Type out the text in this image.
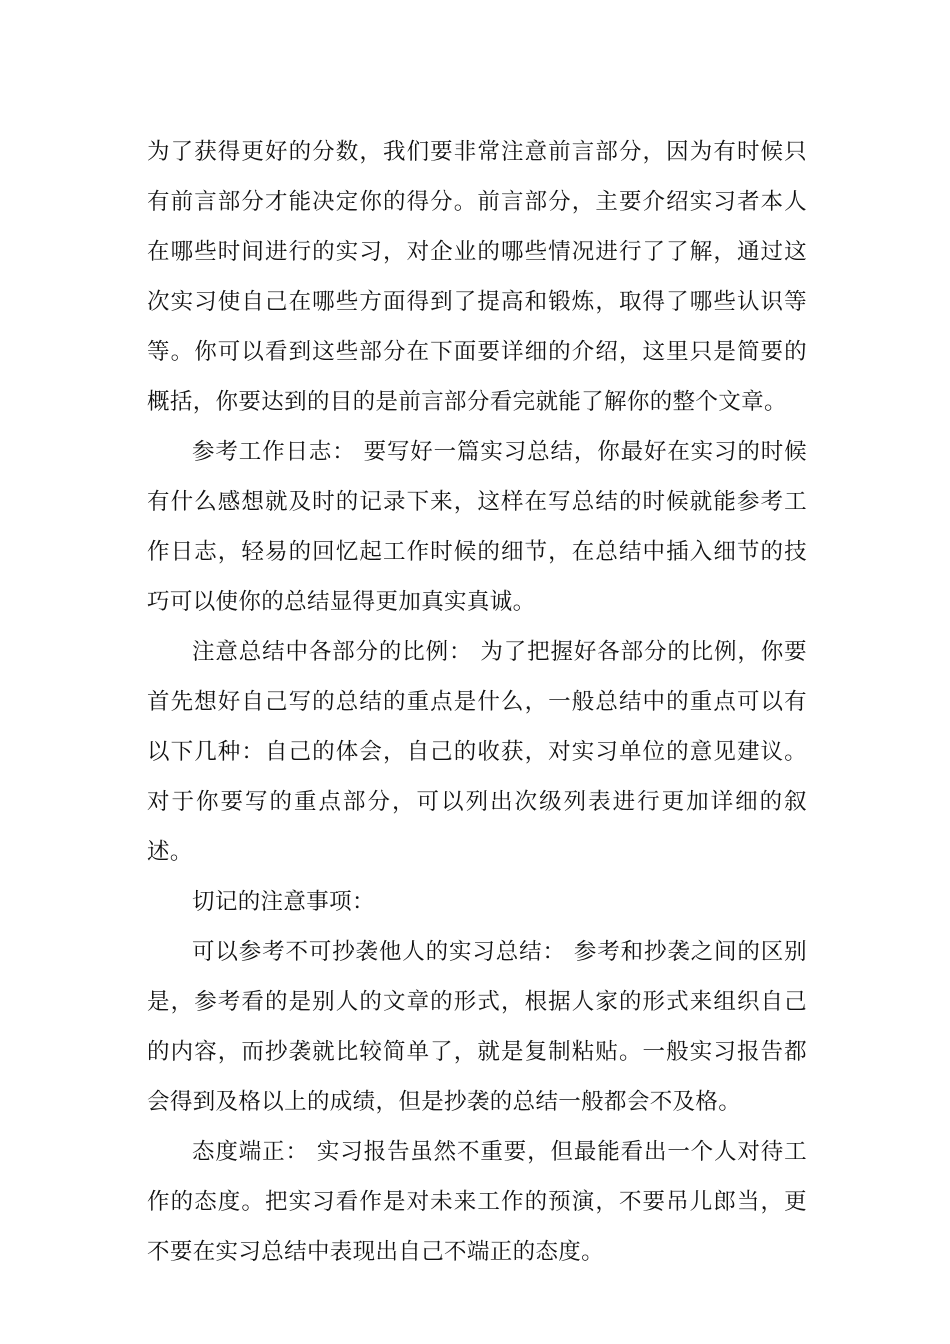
为了获得更好的分数，我们要非常注意前言部分，因为有时候只有前言部分才能决定你的得分。前言部分，主要介绍实习者本人在哪些时间进行的实习，对企业的哪些情况进行了了解，通过这次实习使自己在哪些方面得到了提高和锻炼，取得了哪些认识等等。你可以看到这些部分在下面要详细的介绍，这里只是简要的概括，你要达到的目的是前言部分看完就能了解你的整个文章。

参考工作日志： 要写好一篇实习总结，你最好在实习的时候有什么感想就及时的记录下来，这样在写总结的时候就能参考工作日志，轻易的回忆起工作时候的细节，在总结中插入细节的技巧可以使你的总结显得更加真实真诚。

注意总结中各部分的比例： 为了把握好各部分的比例，你要首先想好自己写的总结的重点是什么，一般总结中的重点可以有以下几种：自己的体会，自己的收获，对实习单位的意见建议。对于你要写的重点部分，可以列出次级列表进行更加详细的叙述。

切记的注意事项：

可以参考不可抄袭他人的实习总结： 参考和抄袭之间的区别是，参考看的是别人的文章的形式，根据人家的形式来组织自己的内容，而抄袭就比较简单了，就是复制粘贴。一般实习报告都会得到及格以上的成绩，但是抄袭的总结一般都会不及格。

态度端正： 实习报告虽然不重要，但最能看出一个人对待工作的态度。把实习看作是对未来工作的预演，不要吊儿郎当，更不要在实习总结中表现出自己不端正的态度。
